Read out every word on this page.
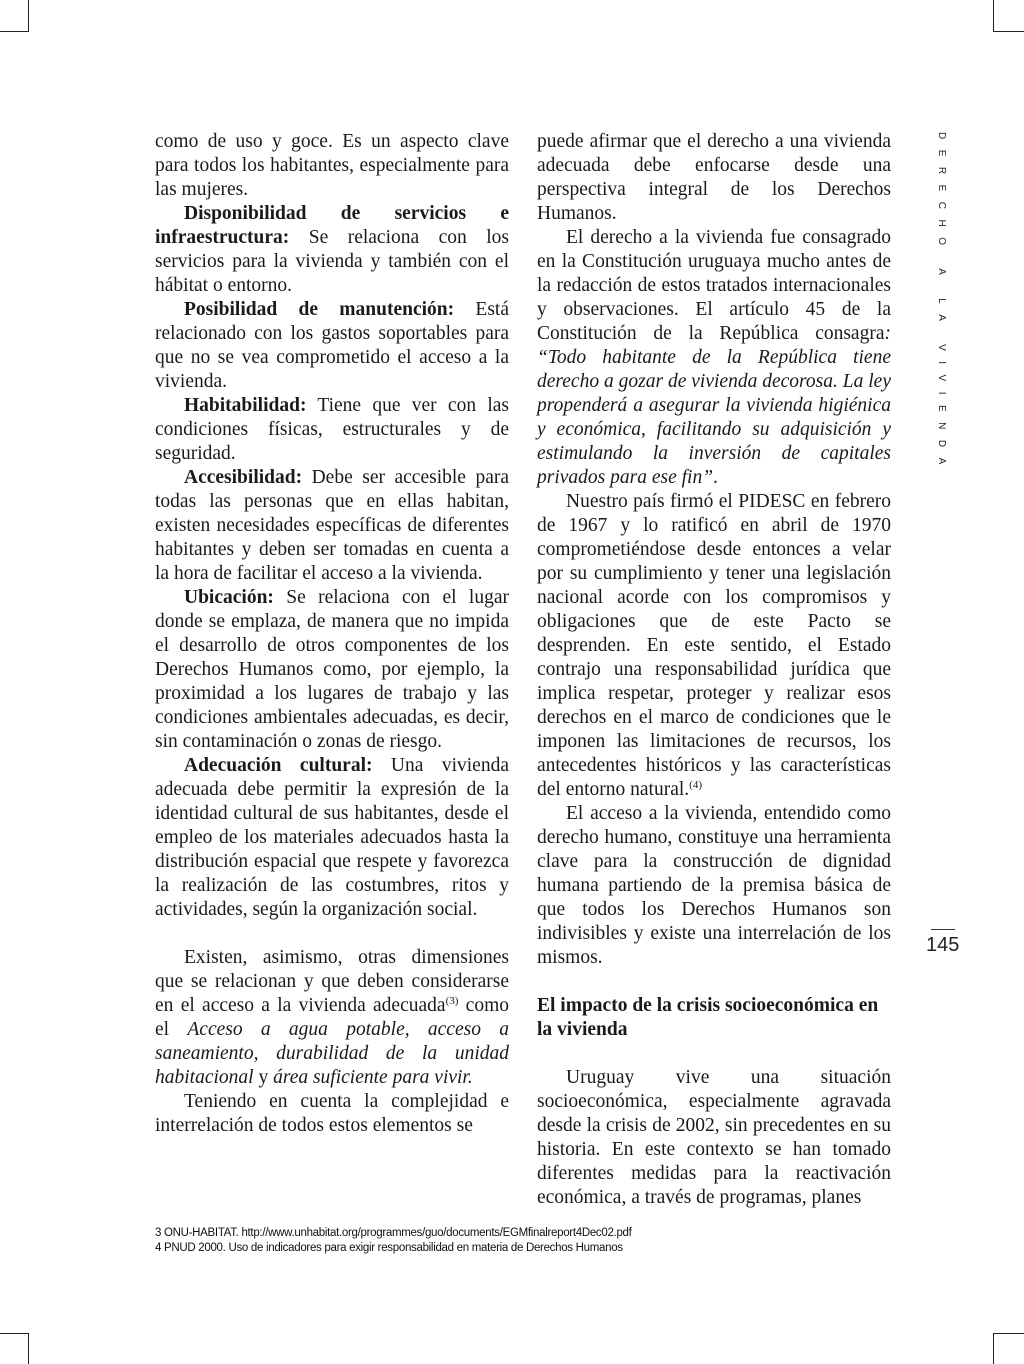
como de uso y goce. Es un aspecto clave para todos los habitantes, especialmente para las mujeres.

Disponibilidad de servicios e infraestructura: Se relaciona con los servicios para la vivienda y también con el hábitat o entorno.

Posibilidad de manutención: Está relacionado con los gastos soportables para que no se vea comprometido el acceso a la vivienda.

Habitabilidad: Tiene que ver con las condiciones físicas, estructurales y de seguridad.

Accesibilidad: Debe ser accesible para todas las personas que en ellas habitan, existen necesidades específicas de diferentes habitantes y deben ser tomadas en cuenta a la hora de facilitar el acceso a la vivienda.

Ubicación: Se relaciona con el lugar donde se emplaza, de manera que no impida el desarrollo de otros componentes de los Derechos Humanos como, por ejemplo, la proximidad a los lugares de trabajo y las condiciones ambientales adecuadas, es decir, sin contaminación o zonas de riesgo.

Adecuación cultural: Una vivienda adecuada debe permitir la expresión de la identidad cultural de sus habitantes, desde el empleo de los materiales adecuados hasta la distribución espacial que respete y favorezca la realización de las costumbres, ritos y actividades, según la organización social.

Existen, asimismo, otras dimensiones que se relacionan y que deben considerarse en el acceso a la vivienda adecuada$^{(3)}$ como el Acceso a agua potable, acceso a saneamiento, durabilidad de la unidad habitacional y área suficiente para vivir.

Teniendo en cuenta la complejidad e interrelación de todos estos elementos se

puede afirmar que el derecho a una vivienda adecuada debe enfocarse desde una perspectiva integral de los Derechos Humanos.

El derecho a la vivienda fue consagrado en la Constitución uruguaya mucho antes de la redacción de estos tratados internacionales y observaciones. El artículo 45 de la Constitución de la República consagra: “Todo habitante de la República tiene derecho a gozar de vivienda decorosa. La ley propenderá a asegurar la vivienda higiénica y económica, facilitando su adquisición y estimulando la inversión de capitales privados para ese fin”.

Nuestro país firmó el PIDESC en febrero de 1967 y lo ratificó en abril de 1970 comprometiéndose desde entonces a velar por su cumplimiento y tener una legislación nacional acorde con los compromisos y obligaciones que de este Pacto se desprenden. En este sentido, el Estado contrajo una responsabilidad jurídica que implica respetar, proteger y realizar esos derechos en el marco de condiciones que le imponen las limitaciones de recursos, los antecedentes históricos y las características del entorno natural.$^{(4)}$

El acceso a la vivienda, entendido como derecho humano, constituye una herramienta clave para la construcción de dignidad humana partiendo de la premisa básica de que todos los Derechos Humanos son indivisibles y existe una interrelación de los mismos.

El impacto de la crisis socioeconómica en la vivienda

Uruguay vive una situación socioeconómica, especialmente agravada desde la crisis de 2002, sin precedentes en su historia. En este contexto se han tomado diferentes medidas para la reactivación económica, a través de programas, planes

DERECHO A LA VIVIENDA
145
3 ONU-HABITAT. http://www.unhabitat.org/programmes/guo/documents/EGMfinalreport4Dec02.pdf
4 PNUD 2000. Uso de indicadores para exigir responsabilidad en materia de Derechos Humanos
